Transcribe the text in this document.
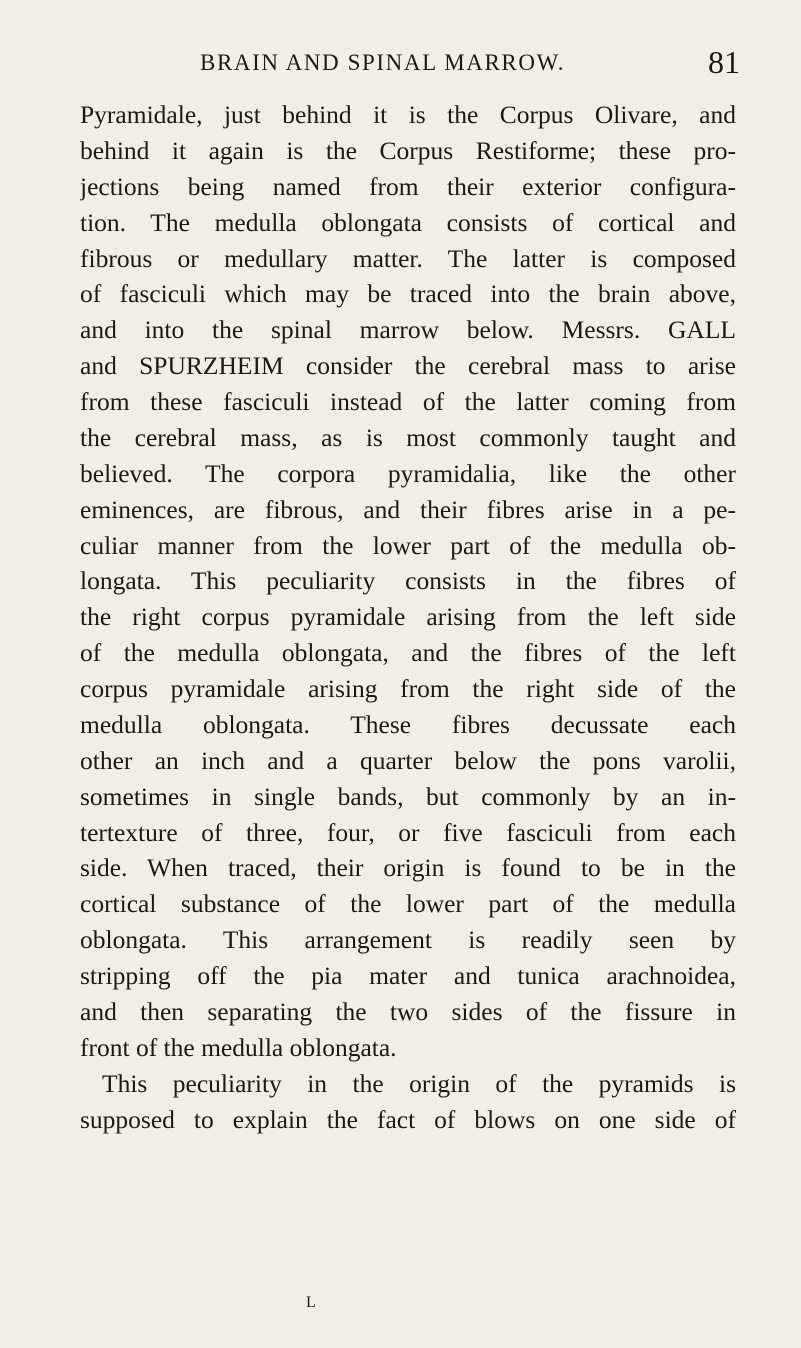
BRAIN AND SPINAL MARROW.	81
Pyramidale, just behind it is the Corpus Olivare, and
behind it again is the Corpus Restiforme; these pro-
jections being named from their exterior configura-
tion. The medulla oblongata consists of cortical and
fibrous or medullary matter. The latter is composed
of fasciculi which may be traced into the brain above,
and into the spinal marrow below. Messrs. GALL
and SPURZHEIM consider the cerebral mass to arise
from these fasciculi instead of the latter coming from
the cerebral mass, as is most commonly taught and
believed. The corpora pyramidalia, like the other
eminences, are fibrous, and their fibres arise in a pe-
culiar manner from the lower part of the medulla ob-
longata. This peculiarity consists in the fibres of
the right corpus pyramidale arising from the left side
of the medulla oblongata, and the fibres of the left
corpus pyramidale arising from the right side of the
medulla oblongata. These fibres decussate each
other an inch and a quarter below the pons varolii,
sometimes in single bands, but commonly by an in-
tertexture of three, four, or five fasciculi from each
side. When traced, their origin is found to be in the
cortical substance of the lower part of the medulla
oblongata. This arrangement is readily seen by
stripping off the pia mater and tunica arachnoidea,
and then separating the two sides of the fissure in
front of the medulla oblongata.
This peculiarity in the origin of the pyramids is
supposed to explain the fact of blows on one side of
L
